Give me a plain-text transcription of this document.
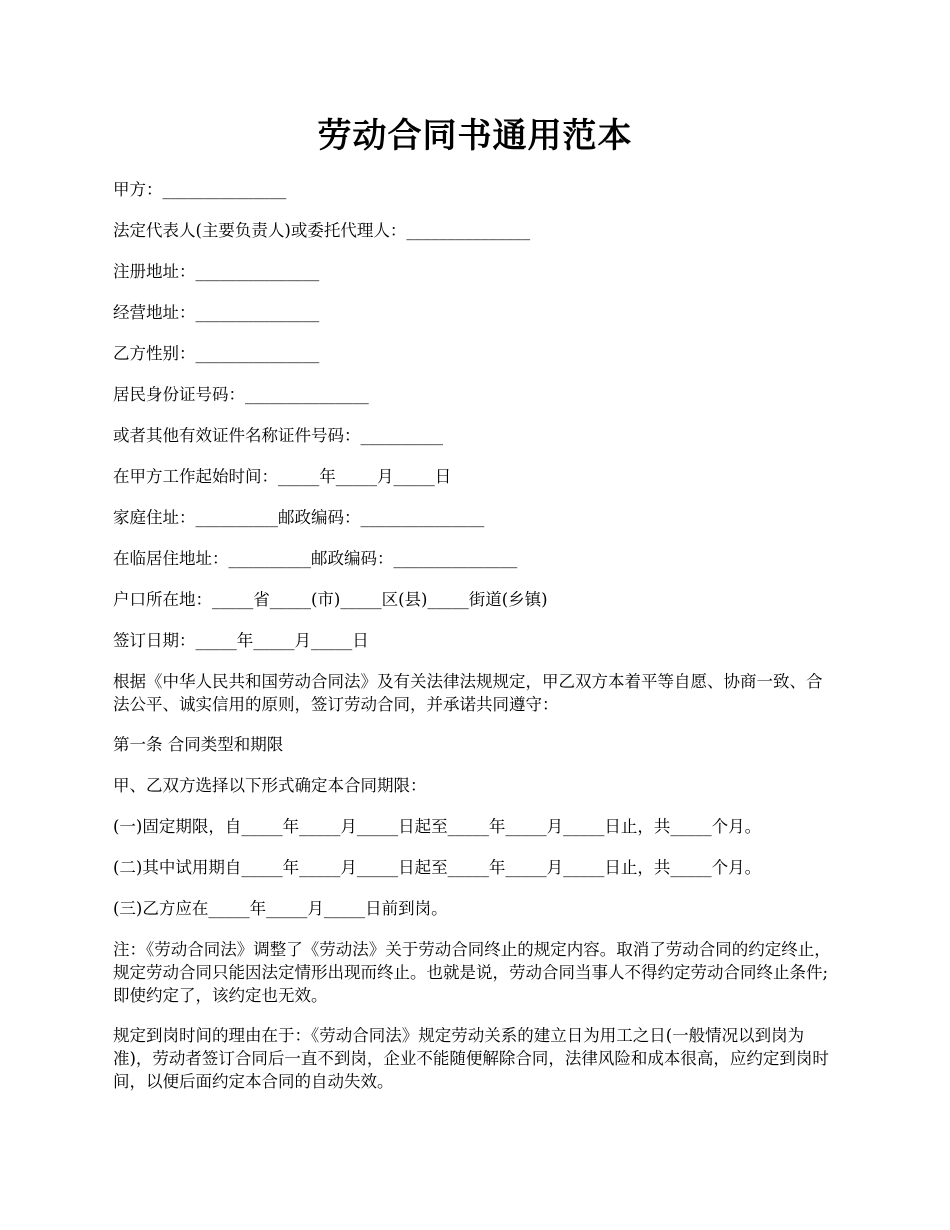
劳动合同书通用范本

甲方：_______________

法定代表人(主要负责人)或委托代理人：_______________

注册地址：_______________

经营地址：_______________

乙方性别：_______________

居民身份证号码：_______________

或者其他有效证件名称证件号码：__________

在甲方工作起始时间：_____年_____月_____日

家庭住址：__________邮政编码：_______________

在临居住地址：__________邮政编码：_______________

户口所在地：_____省_____(市)_____区(县)_____街道(乡镇)

签订日期：_____年_____月_____日

根据《中华人民共和国劳动合同法》及有关法律法规规定，甲乙双方本着平等自愿、协商一致、合法公平、诚实信用的原则，签订劳动合同，并承诺共同遵守：

第一条 合同类型和期限

甲、乙双方选择以下形式确定本合同期限：

(一)固定期限，自_____年_____月_____日起至_____年_____月_____日止，共_____个月。

(二)其中试用期自_____年_____月_____日起至_____年_____月_____日止，共_____个月。

(三)乙方应在_____年_____月_____日前到岗。

注：《劳动合同法》调整了《劳动法》关于劳动合同终止的规定内容。取消了劳动合同的约定终止，规定劳动合同只能因法定情形出现而终止。也就是说，劳动合同当事人不得约定劳动合同终止条件;即使约定了，该约定也无效。

规定到岗时间的理由在于：《劳动合同法》规定劳动关系的建立日为用工之日(一般情况以到岗为准)，劳动者签订合同后一直不到岗，企业不能随便解除合同，法律风险和成本很高，应约定到岗时间，以便后面约定本合同的自动失效。
